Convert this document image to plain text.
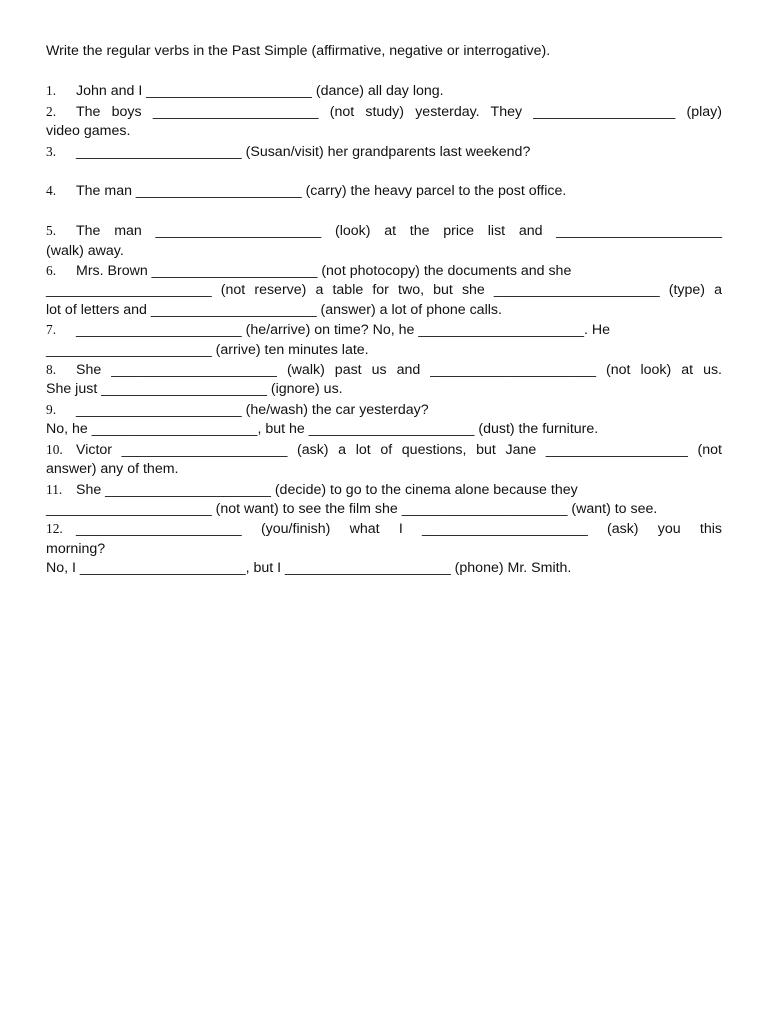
Write the regular verbs in the Past Simple (affirmative, negative or interrogative).

1. John and I _____________________ (dance) all day long.
2. The boys _____________________ (not study) yesterday. They __________________ (play)
video games.
3. _____________________ (Susan/visit) her grandparents last weekend?
4. The man _____________________ (carry) the heavy parcel to the post office.
5. The man _____________________ (look) at the price list and _____________________
(walk) away.
6. Mrs. Brown _____________________ (not photocopy) the documents and she
_____________________ (not reserve) a table for two, but she _____________________ (type) a
lot of letters and _____________________ (answer) a lot of phone calls.
7. _____________________ (he/arrive) on time? No, he _____________________. He
_____________________ (arrive) ten minutes late.
8. She _____________________ (walk) past us and _____________________ (not look) at us.
She just _____________________ (ignore) us.
9. _____________________ (he/wash) the car yesterday?
No, he _____________________, but he _____________________ (dust) the furniture.
10. Victor _____________________ (ask) a lot of questions, but Jane __________________ (not
answer) any of them.
11. She _____________________ (decide) to go to the cinema alone because they
_____________________ (not want) to see the film she _____________________ (want) to see.
12. _____________________ (you/finish) what I _____________________ (ask) you this
morning?
No, I _____________________, but I _____________________ (phone) Mr. Smith.
